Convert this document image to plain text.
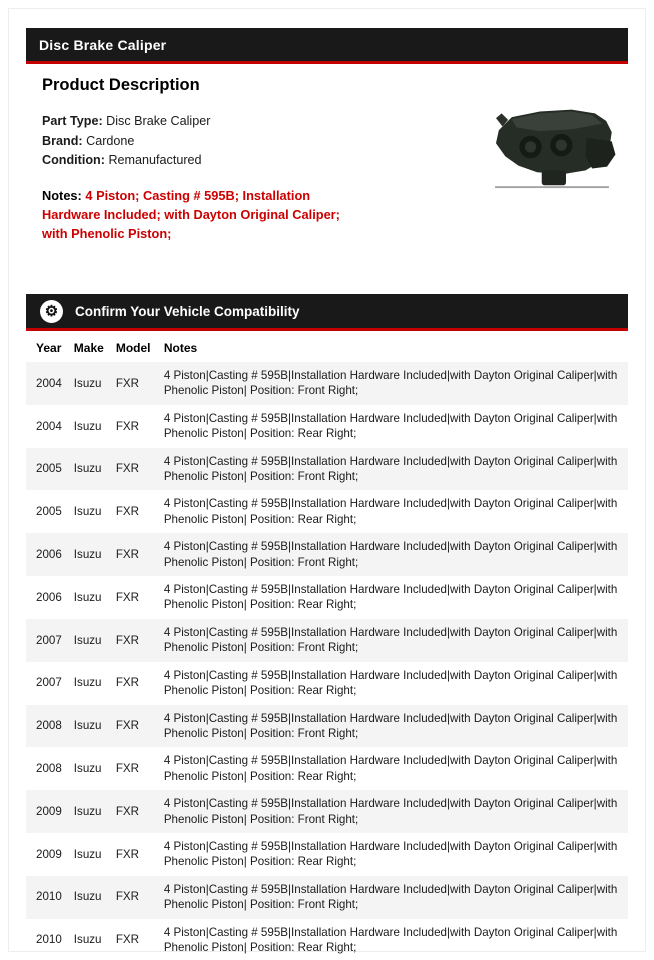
Disc Brake Caliper
Product Description

Part Type: Disc Brake Caliper

Brand: Cardone

Condition: Remanufactured

Notes: 4 Piston; Casting # 595B; Installation Hardware Included; with Dayton Original Caliper; with Phenolic Piston;

⚙	Confirm Your Vehicle Compatibility
Year	Make	Model	Notes
2004	Isuzu	FXR	4 Piston|Casting # 595B|Installation Hardware Included|with Dayton Original Caliper|with Phenolic Piston| Position: Front Right;
2004	Isuzu	FXR	4 Piston|Casting # 595B|Installation Hardware Included|with Dayton Original Caliper|with Phenolic Piston| Position: Rear Right;
2005	Isuzu	FXR	4 Piston|Casting # 595B|Installation Hardware Included|with Dayton Original Caliper|with Phenolic Piston| Position: Front Right;
2005	Isuzu	FXR	4 Piston|Casting # 595B|Installation Hardware Included|with Dayton Original Caliper|with Phenolic Piston| Position: Rear Right;
2006	Isuzu	FXR	4 Piston|Casting # 595B|Installation Hardware Included|with Dayton Original Caliper|with Phenolic Piston| Position: Front Right;
2006	Isuzu	FXR	4 Piston|Casting # 595B|Installation Hardware Included|with Dayton Original Caliper|with Phenolic Piston| Position: Rear Right;
2007	Isuzu	FXR	4 Piston|Casting # 595B|Installation Hardware Included|with Dayton Original Caliper|with Phenolic Piston| Position: Front Right;
2007	Isuzu	FXR	4 Piston|Casting # 595B|Installation Hardware Included|with Dayton Original Caliper|with Phenolic Piston| Position: Rear Right;
2008	Isuzu	FXR	4 Piston|Casting # 595B|Installation Hardware Included|with Dayton Original Caliper|with Phenolic Piston| Position: Front Right;
2008	Isuzu	FXR	4 Piston|Casting # 595B|Installation Hardware Included|with Dayton Original Caliper|with Phenolic Piston| Position: Rear Right;
2009	Isuzu	FXR	4 Piston|Casting # 595B|Installation Hardware Included|with Dayton Original Caliper|with Phenolic Piston| Position: Front Right;
2009	Isuzu	FXR	4 Piston|Casting # 595B|Installation Hardware Included|with Dayton Original Caliper|with Phenolic Piston| Position: Rear Right;
2010	Isuzu	FXR	4 Piston|Casting # 595B|Installation Hardware Included|with Dayton Original Caliper|with Phenolic Piston| Position: Front Right;
2010	Isuzu	FXR	4 Piston|Casting # 595B|Installation Hardware Included|with Dayton Original Caliper|with Phenolic Piston| Position: Rear Right;
